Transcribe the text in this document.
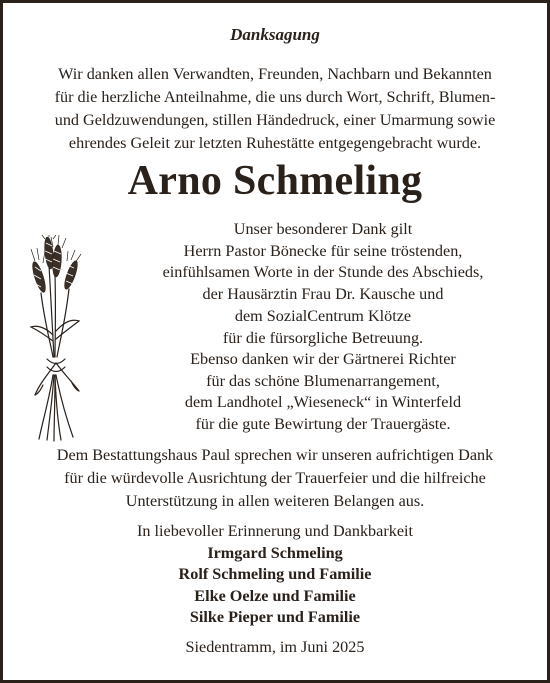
Danksagung
Wir danken allen Verwandten, Freunden, Nachbarn und Bekannten
für die herzliche Anteilnahme, die uns durch Wort, Schrift, Blumen-
und Geldzuwendungen, stillen Händedruck, einer Umarmung sowie
ehrendes Geleit zur letzten Ruhestätte entgegengebracht wurde.
Arno Schmeling
Unser besonderer Dank gilt
Herrn Pastor Bönecke für seine tröstenden,
einfühlsamen Worte in der Stunde des Abschieds,
der Hausärztin Frau Dr. Kausche und
dem SozialCentrum Klötze
für die fürsorgliche Betreuung.
Ebenso danken wir der Gärtnerei Richter
für das schöne Blumenarrangement,
dem Landhotel „Wieseneck“ in Winterfeld
für die gute Bewirtung der Trauergäste.
Dem Bestattungshaus Paul sprechen wir unseren aufrichtigen Dank
für die würdevolle Ausrichtung der Trauerfeier und die hilfreiche
Unterstützung in allen weiteren Belangen aus.
In liebevoller Erinnerung und Dankbarkeit
Irmgard Schmeling
Rolf Schmeling und Familie
Elke Oelze und Familie
Silke Pieper und Familie
Siedentramm, im Juni 2025
